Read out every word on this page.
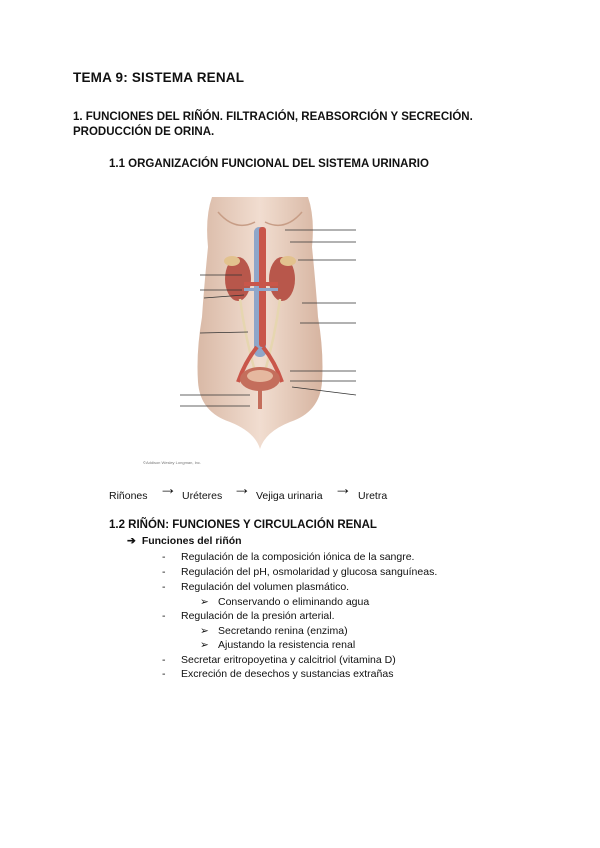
TEMA 9: SISTEMA RENAL
1. FUNCIONES DEL RIÑÓN. FILTRACIÓN, REABSORCIÓN Y SECRECIÓN.
PRODUCCIÓN DE ORINA.
1.1 ORGANIZACIÓN FUNCIONAL DEL SISTEMA URINARIO
©Addison Wesley Longman, Inc.
Riñones → Uréteres → Vejiga urinaria → Uretra
1.2 RIÑÓN: FUNCIONES Y CIRCULACIÓN RENAL
➔ Funciones del riñón
- Regulación de la composición iónica de la sangre.
- Regulación del pH, osmolaridad y glucosa sanguíneas.
- Regulación del volumen plasmático.
➢ Conservando o eliminando agua
- Regulación de la presión arterial.
➢ Secretando renina (enzima)
➢ Ajustando la resistencia renal
- Secretar eritropoyetina y calcitriol (vitamina D)
- Excreción de desechos y sustancias extrañas
